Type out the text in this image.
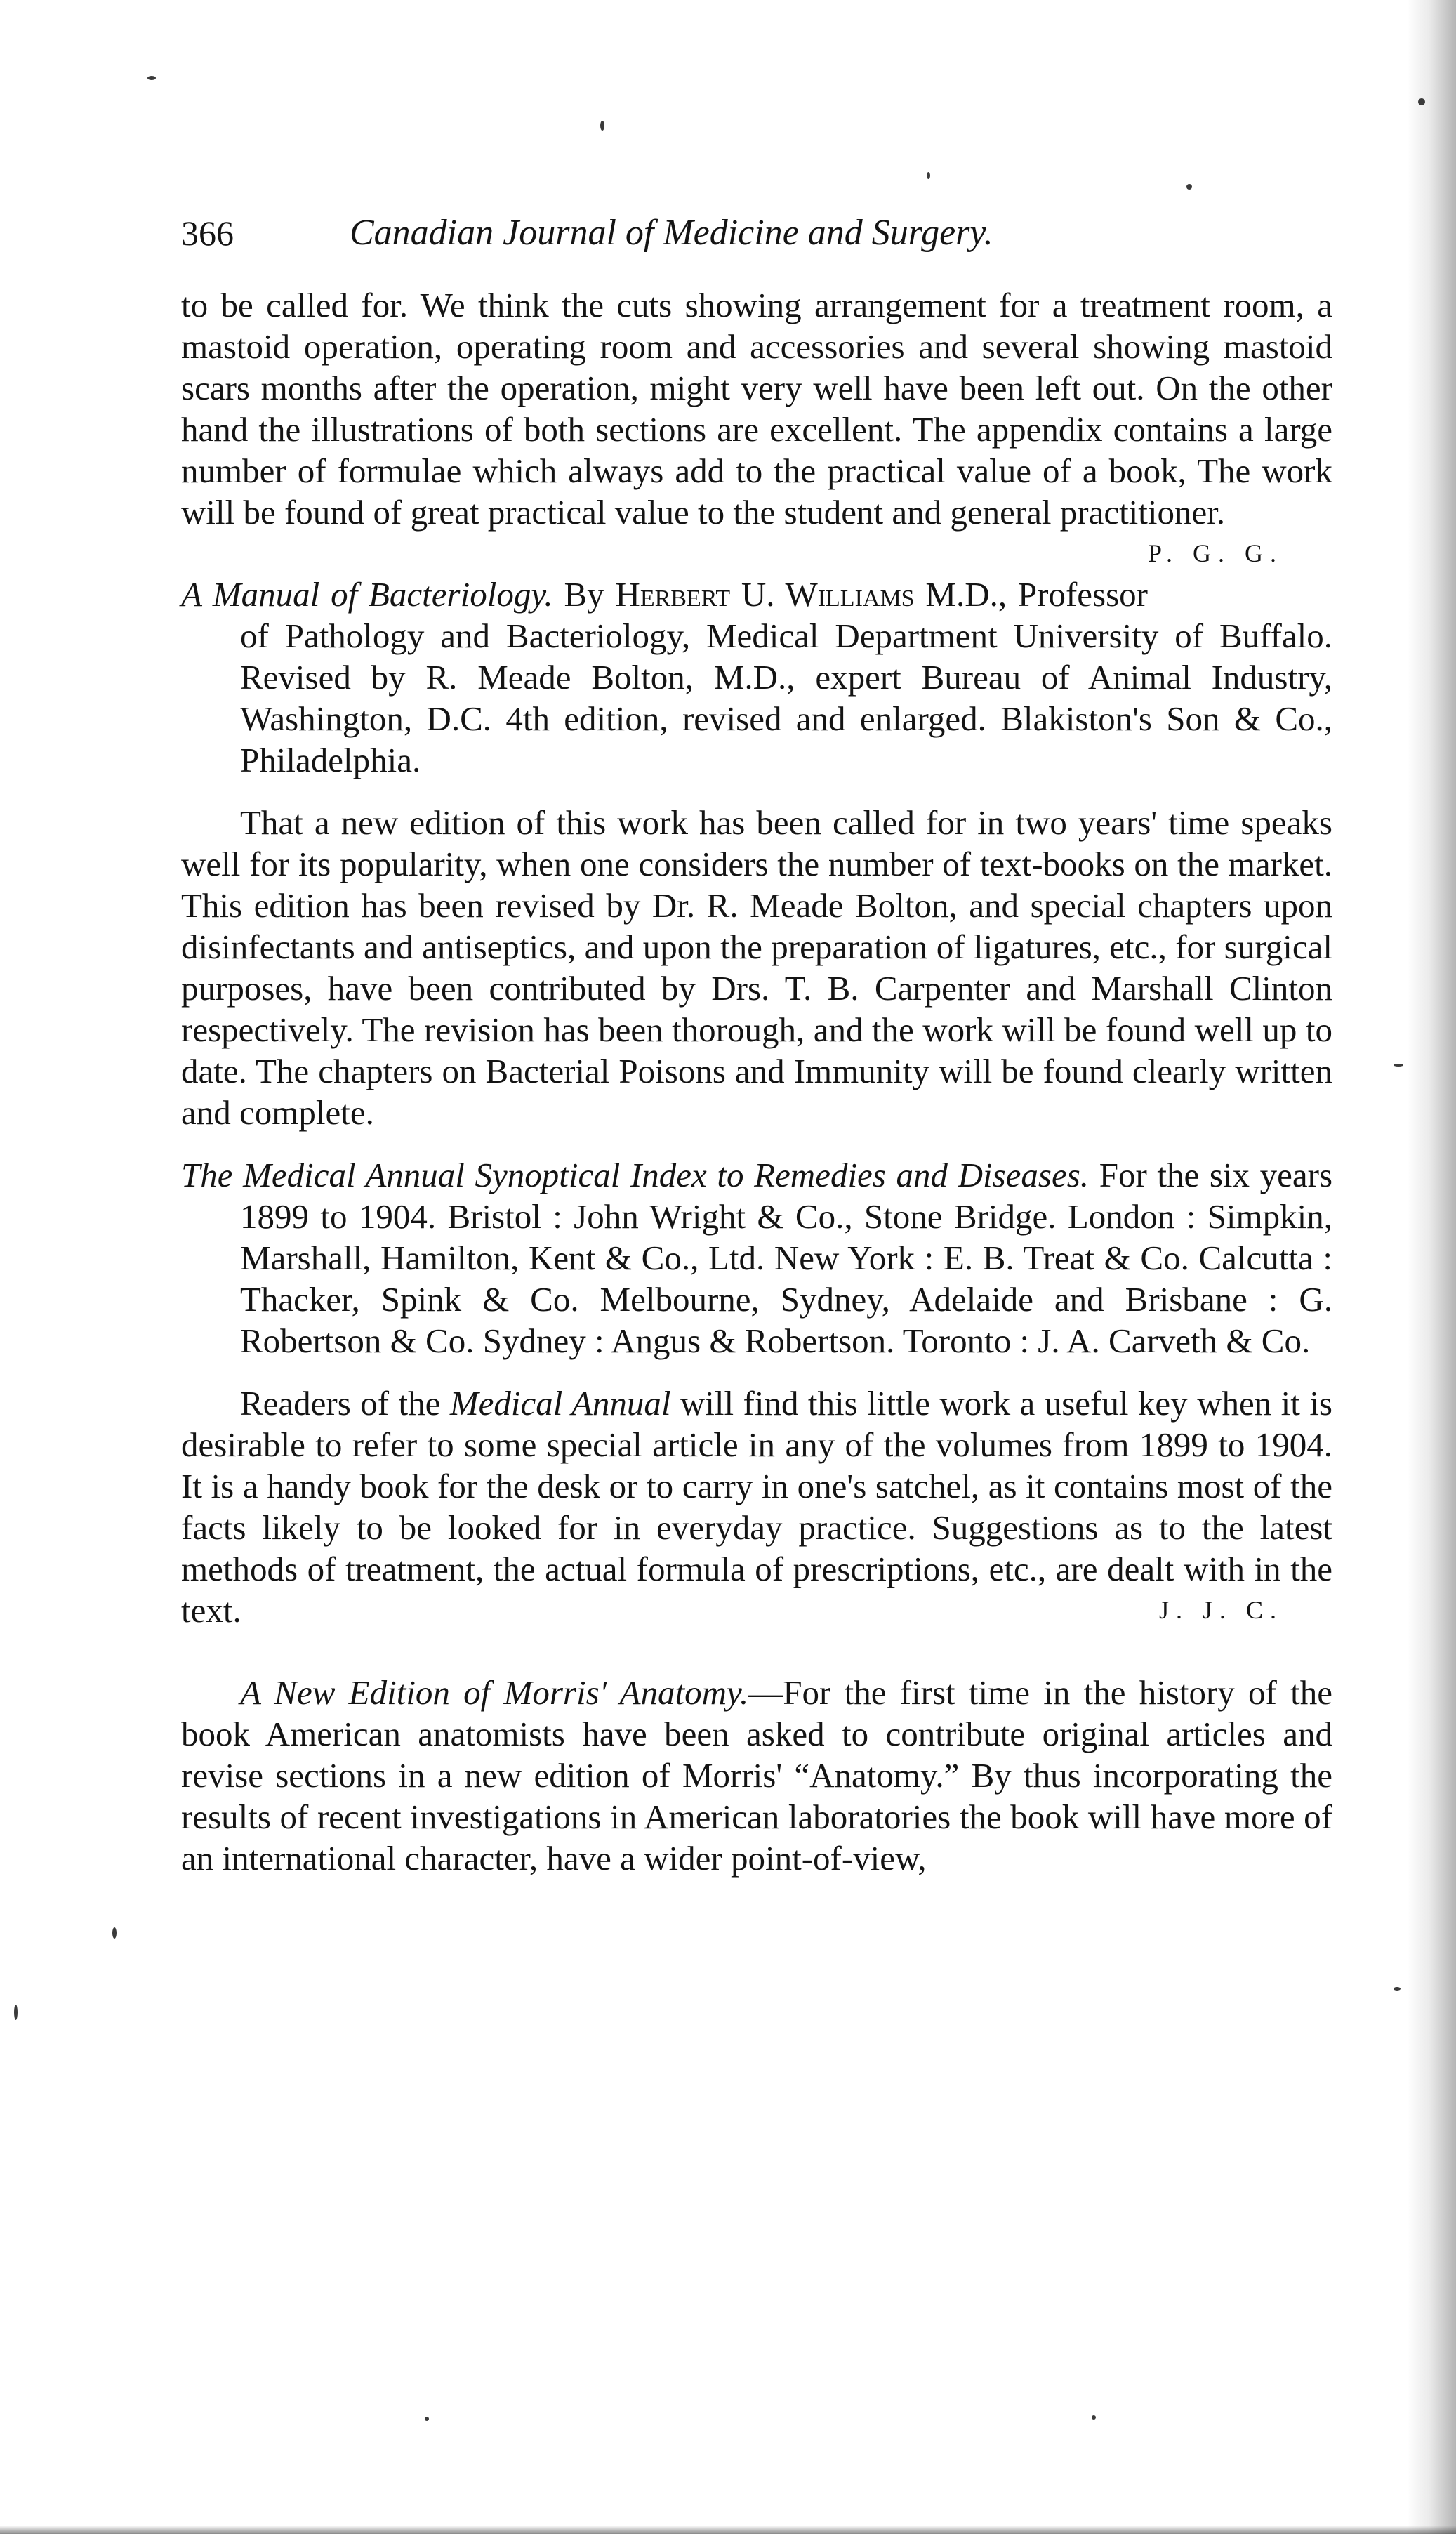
366	Canadian Journal of Medicine and Surgery.

to be called for. We think the cuts showing arrangement for a treatment room, a mastoid operation, operating room and accessories and several showing mastoid scars months after the operation, might very well have been left out. On the other hand the illustrations of both sections are excellent. The appendix contains a large number of formulae which always add to the practical value of a book, The work will be found of great practical value to the student and general practitioner.
P. G. G.

A Manual of Bacteriology. By Herbert U. Williams M.D., Professor of Pathology and Bacteriology, Medical Department University of Buffalo. Revised by R. Meade Bolton, M.D., expert Bureau of Animal Industry, Washington, D.C. 4th edition, revised and enlarged. Blakiston's Son & Co., Philadelphia.

That a new edition of this work has been called for in two years' time speaks well for its popularity, when one considers the number of text-books on the market. This edition has been revised by Dr. R. Meade Bolton, and special chapters upon disinfectants and antiseptics, and upon the preparation of ligatures, etc., for surgical purposes, have been contributed by Drs. T. B. Carpenter and Marshall Clinton respectively. The revision has been thorough, and the work will be found well up to date. The chapters on Bacterial Poisons and Immunity will be found clearly written and complete.

The Medical Annual Synoptical Index to Remedies and Diseases. For the six years 1899 to 1904. Bristol : John Wright & Co., Stone Bridge. London : Simpkin, Marshall, Hamilton, Kent & Co., Ltd. New York : E. B. Treat & Co. Calcutta : Thacker, Spink & Co. Melbourne, Sydney, Adelaide and Brisbane : G. Robertson & Co. Sydney : Angus & Robertson. Toronto : J. A. Carveth & Co.

Readers of the Medical Annual will find this little work a useful key when it is desirable to refer to some special article in any of the volumes from 1899 to 1904. It is a handy book for the desk or to carry in one's satchel, as it contains most of the facts likely to be looked for in everyday practice. Suggestions as to the latest methods of treatment, the actual formula of prescriptions, etc., are dealt with in the text.	J. J. C.

A New Edition of Morris' Anatomy.—For the first time in the history of the book American anatomists have been asked to contribute original articles and revise sections in a new edition of Morris' “Anatomy.” By thus incorporating the results of recent investigations in American laboratories the book will have more of an international character, have a wider point-of-view,
